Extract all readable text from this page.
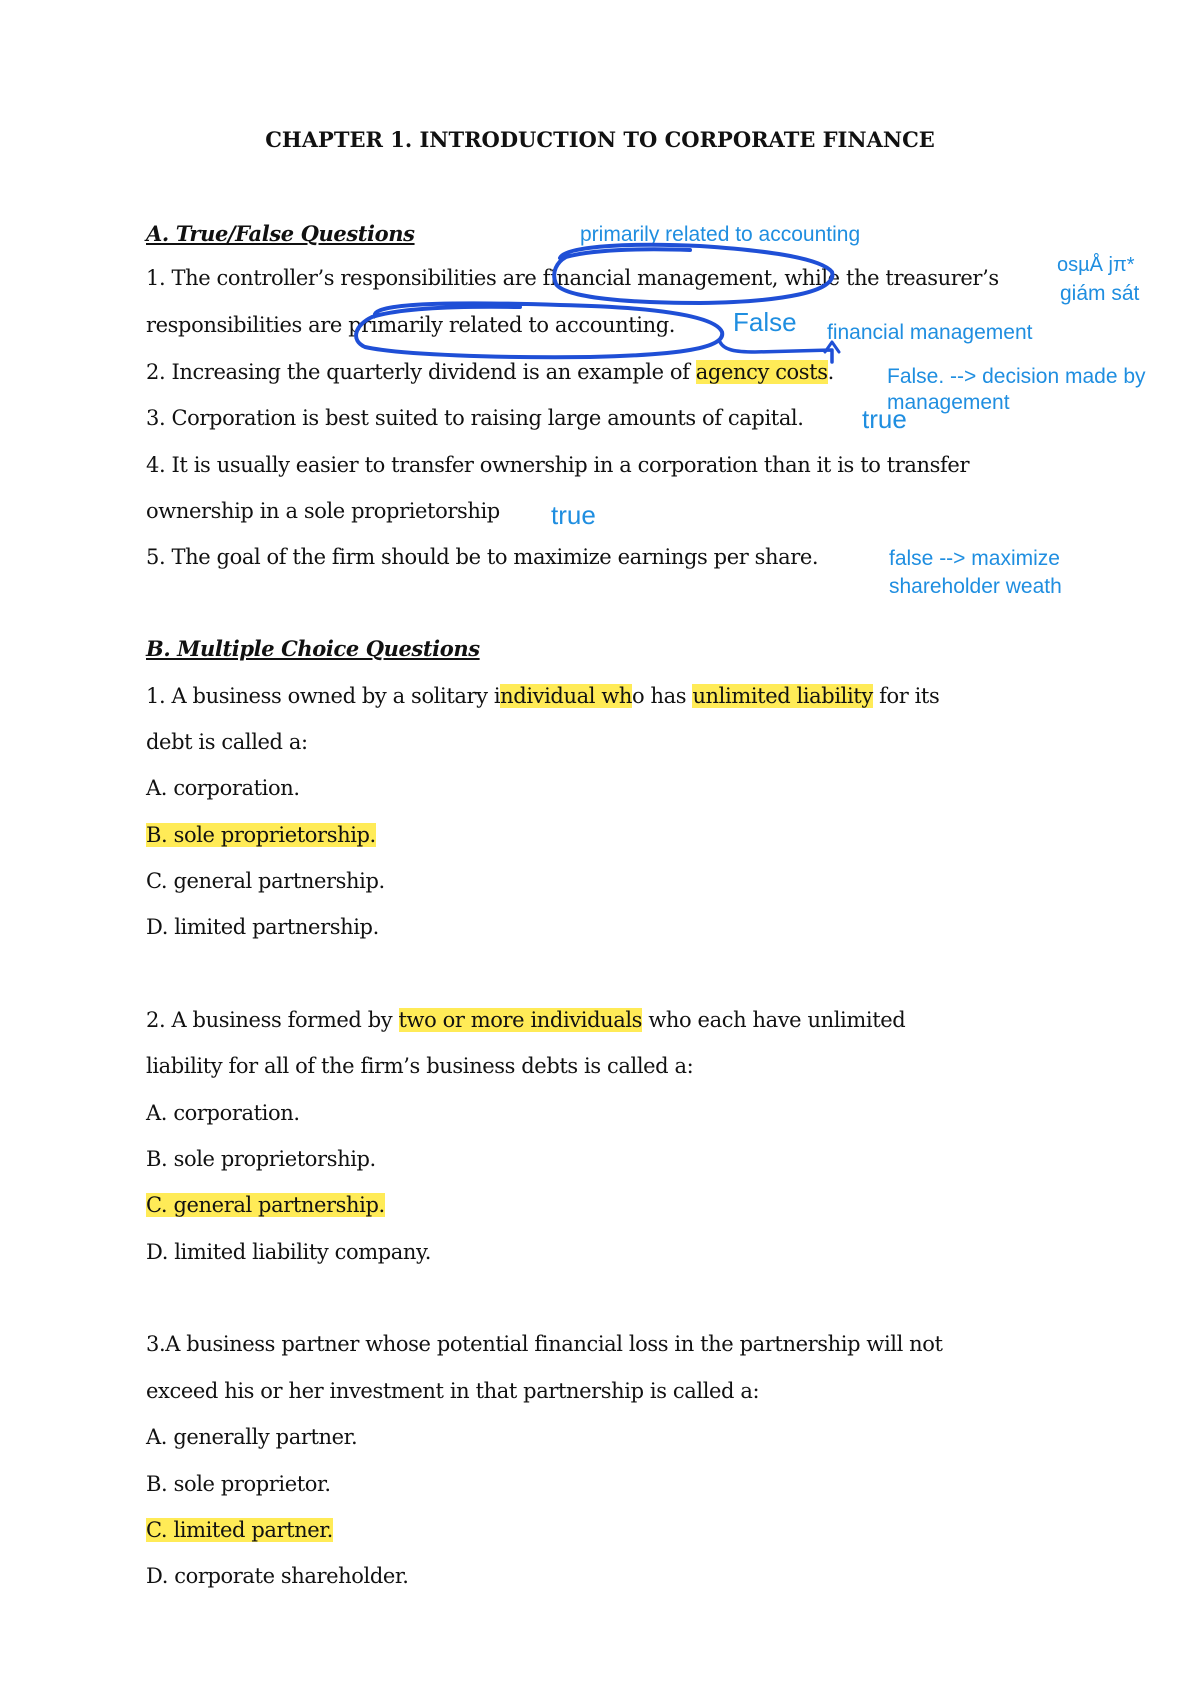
CHAPTER 1. INTRODUCTION TO CORPORATE FINANCE
A. True/False Questions
1. The controller’s responsibilities are financial management, while the treasurer’s
responsibilities are primarily related to accounting.
2. Increasing the quarterly dividend is an example of agency costs.
3. Corporation is best suited to raising large amounts of capital.
4. It is usually easier to transfer ownership in a corporation than it is to transfer
ownership in a sole proprietorship
5. The goal of the firm should be to maximize earnings per share.
B. Multiple Choice Questions
1. A business owned by a solitary individual who has unlimited liability for its
debt is called a:
A. corporation.
B. sole proprietorship.
C. general partnership.
D. limited partnership.
2. A business formed by two or more individuals who each have unlimited
liability for all of the firm’s business debts is called a:
A. corporation.
B. sole proprietorship.
C. general partnership.
D. limited liability company.
3.A business partner whose potential financial loss in the partnership will not
exceed his or her investment in that partnership is called a:
A. generally partner.
B. sole proprietor.
C. limited partner.
D. corporate shareholder.
primarily related to accounting
osµÅ jπ*
giám sát
False financial management
False. --> decision made by
management
true
true
false --> maximize
shareholder weath
